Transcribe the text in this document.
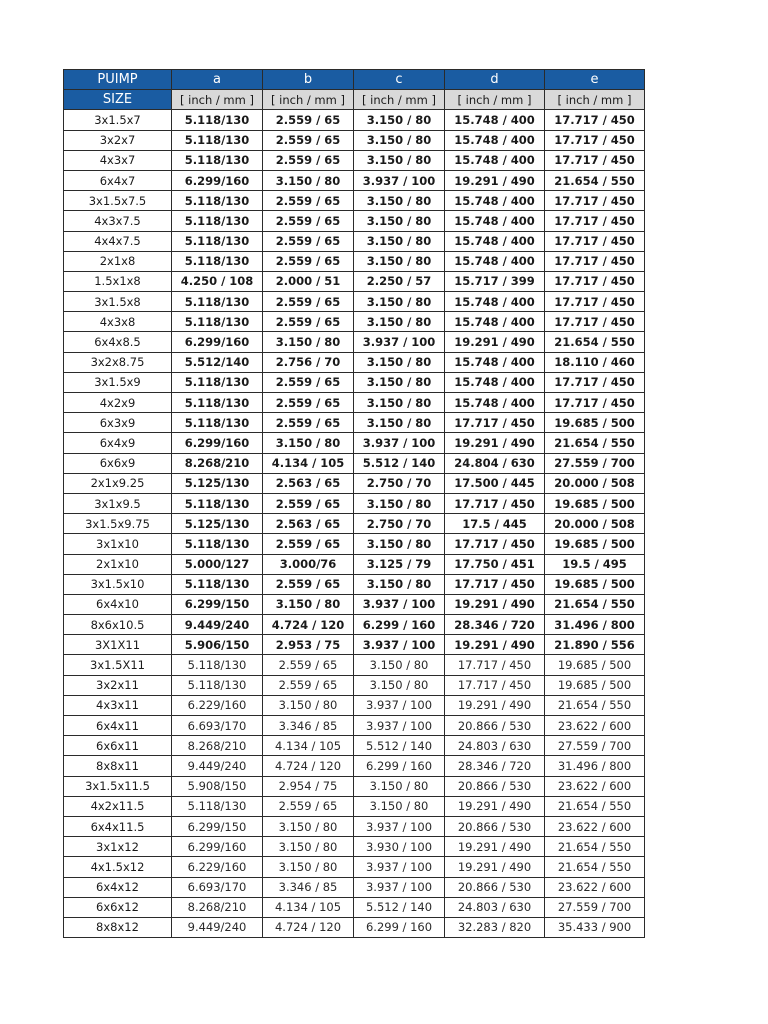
PUIMP	a	b	c	d	e
SIZE	[ inch / mm ]	[ inch / mm ]	[ inch / mm ]	[ inch / mm ]	[ inch / mm ]
3x1.5x7	5.118/130	2.559 / 65	3.150 / 80	15.748 / 400	17.717 / 450
3x2x7	5.118/130	2.559 / 65	3.150 / 80	15.748 / 400	17.717 / 450
4x3x7	5.118/130	2.559 / 65	3.150 / 80	15.748 / 400	17.717 / 450
6x4x7	6.299/160	3.150 / 80	3.937 / 100	19.291 / 490	21.654 / 550
3x1.5x7.5	5.118/130	2.559 / 65	3.150 / 80	15.748 / 400	17.717 / 450
4x3x7.5	5.118/130	2.559 / 65	3.150 / 80	15.748 / 400	17.717 / 450
4x4x7.5	5.118/130	2.559 / 65	3.150 / 80	15.748 / 400	17.717 / 450
2x1x8	5.118/130	2.559 / 65	3.150 / 80	15.748 / 400	17.717 / 450
1.5x1x8	4.250 / 108	2.000 / 51	2.250 / 57	15.717 / 399	17.717 / 450
3x1.5x8	5.118/130	2.559 / 65	3.150 / 80	15.748 / 400	17.717 / 450
4x3x8	5.118/130	2.559 / 65	3.150 / 80	15.748 / 400	17.717 / 450
6x4x8.5	6.299/160	3.150 / 80	3.937 / 100	19.291 / 490	21.654 / 550
3x2x8.75	5.512/140	2.756 / 70	3.150 / 80	15.748 / 400	18.110 / 460
3x1.5x9	5.118/130	2.559 / 65	3.150 / 80	15.748 / 400	17.717 / 450
4x2x9	5.118/130	2.559 / 65	3.150 / 80	15.748 / 400	17.717 / 450
6x3x9	5.118/130	2.559 / 65	3.150 / 80	17.717 / 450	19.685 / 500
6x4x9	6.299/160	3.150 / 80	3.937 / 100	19.291 / 490	21.654 / 550
6x6x9	8.268/210	4.134 / 105	5.512 / 140	24.804 / 630	27.559 / 700
2x1x9.25	5.125/130	2.563 / 65	2.750 / 70	17.500 / 445	20.000 / 508
3x1x9.5	5.118/130	2.559 / 65	3.150 / 80	17.717 / 450	19.685 / 500
3x1.5x9.75	5.125/130	2.563 / 65	2.750 / 70	17.5 / 445	20.000 / 508
3x1x10	5.118/130	2.559 / 65	3.150 / 80	17.717 / 450	19.685 / 500
2x1x10	5.000/127	3.000/76	3.125 / 79	17.750 / 451	19.5 / 495
3x1.5x10	5.118/130	2.559 / 65	3.150 / 80	17.717 / 450	19.685 / 500
6x4x10	6.299/150	3.150 / 80	3.937 / 100	19.291 / 490	21.654 / 550
8x6x10.5	9.449/240	4.724 / 120	6.299 / 160	28.346 / 720	31.496 / 800
3X1X11	5.906/150	2.953 / 75	3.937 / 100	19.291 / 490	21.890 / 556
3x1.5X11	5.118/130	2.559 / 65	3.150 / 80	17.717 / 450	19.685 / 500
3x2x11	5.118/130	2.559 / 65	3.150 / 80	17.717 / 450	19.685 / 500
4x3x11	6.229/160	3.150 / 80	3.937 / 100	19.291 / 490	21.654 / 550
6x4x11	6.693/170	3.346 / 85	3.937 / 100	20.866 / 530	23.622 / 600
6x6x11	8.268/210	4.134 / 105	5.512 / 140	24.803 / 630	27.559 / 700
8x8x11	9.449/240	4.724 / 120	6.299 / 160	28.346 / 720	31.496 / 800
3x1.5x11.5	5.908/150	2.954 / 75	3.150 / 80	20.866 / 530	23.622 / 600
4x2x11.5	5.118/130	2.559 / 65	3.150 / 80	19.291 / 490	21.654 / 550
6x4x11.5	6.299/150	3.150 / 80	3.937 / 100	20.866 / 530	23.622 / 600
3x1x12	6.299/160	3.150 / 80	3.930 / 100	19.291 / 490	21.654 / 550
4x1.5x12	6.229/160	3.150 / 80	3.937 / 100	19.291 / 490	21.654 / 550
6x4x12	6.693/170	3.346 / 85	3.937 / 100	20.866 / 530	23.622 / 600
6x6x12	8.268/210	4.134 / 105	5.512 / 140	24.803 / 630	27.559 / 700
8x8x12	9.449/240	4.724 / 120	6.299 / 160	32.283 / 820	35.433 / 900
